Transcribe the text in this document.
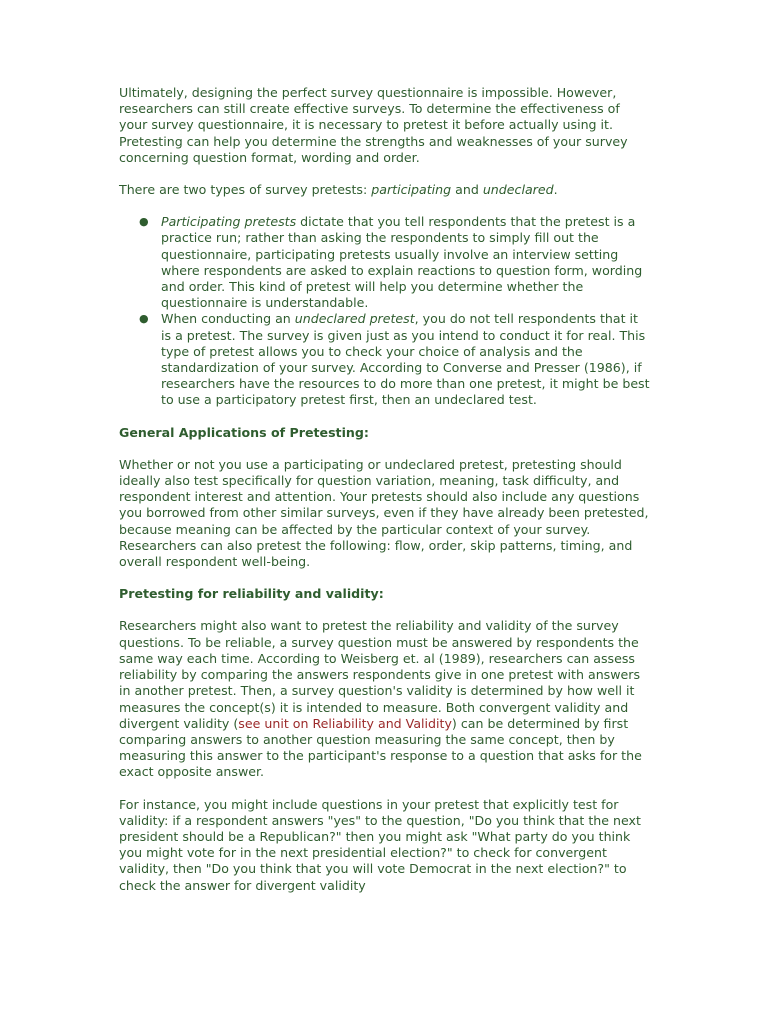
Ultimately, designing the perfect survey questionnaire is impossible. However, researchers can still create effective surveys. To determine the effectiveness of your survey questionnaire, it is necessary to pretest it before actually using it. Pretesting can help you determine the strengths and weaknesses of your survey concerning question format, wording and order.

There are two types of survey pretests: participating and undeclared.

● Participating pretests dictate that you tell respondents that the pretest is a practice run; rather than asking the respondents to simply fill out the questionnaire, participating pretests usually involve an interview setting where respondents are asked to explain reactions to question form, wording and order. This kind of pretest will help you determine whether the questionnaire is understandable.
● When conducting an undeclared pretest, you do not tell respondents that it is a pretest. The survey is given just as you intend to conduct it for real. This type of pretest allows you to check your choice of analysis and the standardization of your survey. According to Converse and Presser (1986), if researchers have the resources to do more than one pretest, it might be best to use a participatory pretest first, then an undeclared test.
General Applications of Pretesting:

Whether or not you use a participating or undeclared pretest, pretesting should ideally also test specifically for question variation, meaning, task difficulty, and respondent interest and attention. Your pretests should also include any questions you borrowed from other similar surveys, even if they have already been pretested, because meaning can be affected by the particular context of your survey. Researchers can also pretest the following: flow, order, skip patterns, timing, and overall respondent well-being.

Pretesting for reliability and validity:

Researchers might also want to pretest the reliability and validity of the survey questions. To be reliable, a survey question must be answered by respondents the same way each time. According to Weisberg et. al (1989), researchers can assess reliability by comparing the answers respondents give in one pretest with answers in another pretest. Then, a survey question's validity is determined by how well it measures the concept(s) it is intended to measure. Both convergent validity and divergent validity (see unit on Reliability and Validity) can be determined by first comparing answers to another question measuring the same concept, then by measuring this answer to the participant's response to a question that asks for the exact opposite answer.

For instance, you might include questions in your pretest that explicitly test for validity: if a respondent answers "yes" to the question, "Do you think that the next president should be a Republican?" then you might ask "What party do you think you might vote for in the next presidential election?" to check for convergent validity, then "Do you think that you will vote Democrat in the next election?" to check the answer for divergent validity
